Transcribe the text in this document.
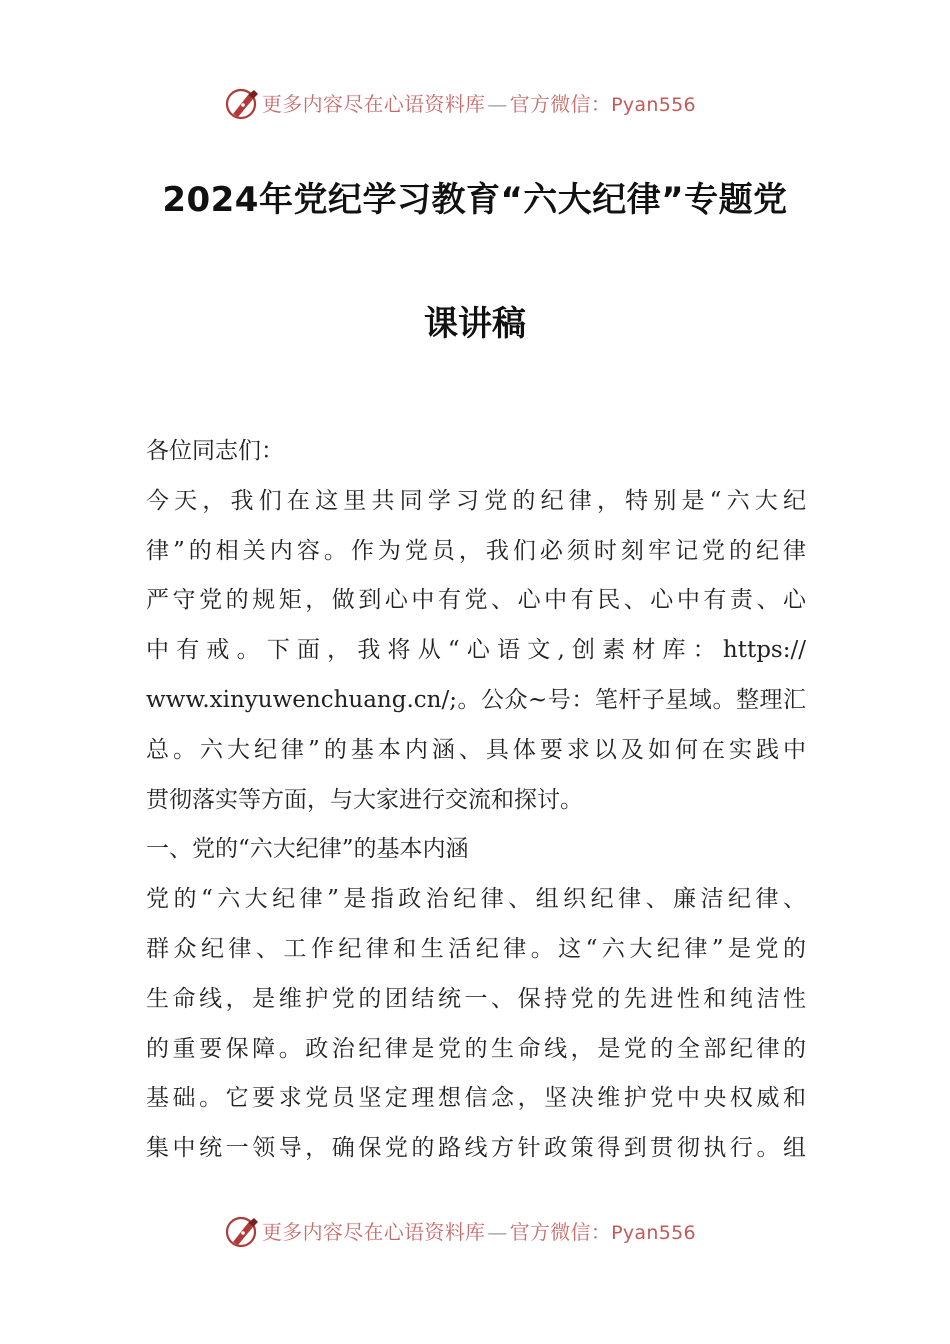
更多内容尽在心语资料库 — 官方微信：Pyan556
2024年党纪学习教育“六大纪律”专题党
课讲稿

各位同志们：

今天，我们在这里共同学习党的纪律，特别是“六大纪

律”的相关内容。作为党员，我们必须时刻牢记党的纪律

严守党的规矩，做到心中有党、心中有民、心中有责、心

中有戒。下面，我将从“心语文,创素材库：https://

www.xinyuwenchuang.cn/;。公众~号：笔杆子星域。整理汇

总。六大纪律”的基本内涵、具体要求以及如何在实践中

贯彻落实等方面，与大家进行交流和探讨。

一、党的“六大纪律”的基本内涵

党的“六大纪律”是指政治纪律、组织纪律、廉洁纪律、

群众纪律、工作纪律和生活纪律。这“六大纪律”是党的

生命线，是维护党的团结统一、保持党的先进性和纯洁性

的重要保障。政治纪律是党的生命线，是党的全部纪律的

基础。它要求党员坚定理想信念，坚决维护党中央权威和

集中统一领导，确保党的路线方针政策得到贯彻执行。组

更多内容尽在心语资料库 — 官方微信：Pyan556
